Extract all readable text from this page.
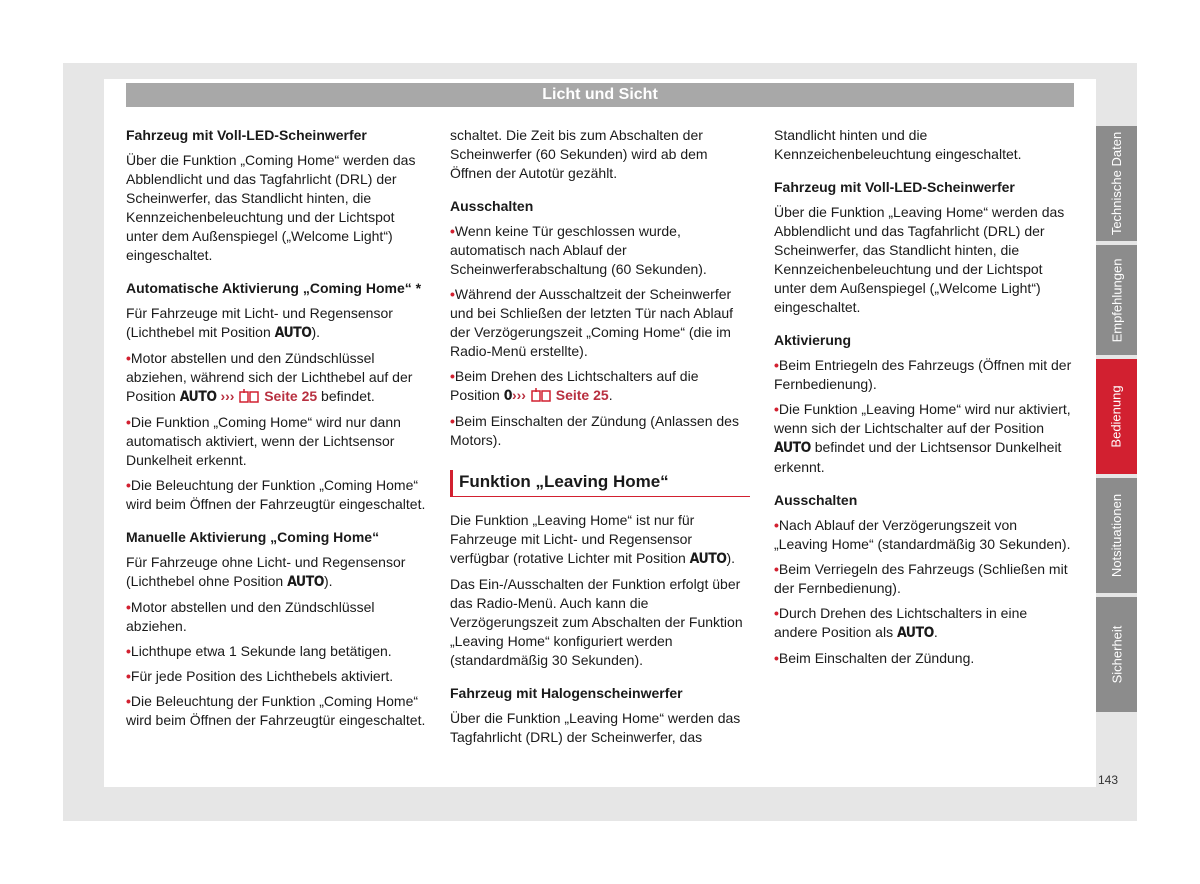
Licht und Sicht
Fahrzeug mit Voll-LED-Scheinwerfer

Über die Funktion „Coming Home“ werden das Abblendlicht und das Tagfahrlicht (DRL) der Scheinwerfer, das Standlicht hinten, die Kennzeichenbeleuchtung und der Lichtspot unter dem Außenspiegel („Welcome Light“) eingeschaltet.

Automatische Aktivierung „Coming Home“ *

Für Fahrzeuge mit Licht- und Regensensor (Lichthebel mit Position AUTO).

• Motor abstellen und den Zündschlüssel abziehen, während sich der Lichthebel auf der Position AUTO ››› Seite 25 befindet.

• Die Funktion „Coming Home“ wird nur dann automatisch aktiviert, wenn der Lichtsensor Dunkelheit erkennt.

• Die Beleuchtung der Funktion „Coming Home“ wird beim Öffnen der Fahrzeugtür eingeschaltet.

Manuelle Aktivierung „Coming Home“

Für Fahrzeuge ohne Licht- und Regensensor (Lichthebel ohne Position AUTO).

• Motor abstellen und den Zündschlüssel abziehen.

• Lichthupe etwa 1 Sekunde lang betätigen.

• Für jede Position des Lichthebels aktiviert.

• Die Beleuchtung der Funktion „Coming Home“ wird beim Öffnen der Fahrzeugtür eingeschaltet.

schaltet. Die Zeit bis zum Abschalten der Scheinwerfer (60 Sekunden) wird ab dem Öffnen der Autotür gezählt.

Ausschalten

• Wenn keine Tür geschlossen wurde, automatisch nach Ablauf der Scheinwerferabschaltung (60 Sekunden).

• Während der Ausschaltzeit der Scheinwerfer und bei Schließen der letzten Tür nach Ablauf der Verzögerungszeit „Coming Home“ (die im Radio-Menü erstellte).

• Beim Drehen des Lichtschalters auf die Position 0››› Seite 25.

• Beim Einschalten der Zündung (Anlassen des Motors).

Funktion „Leaving Home“

Die Funktion „Leaving Home“ ist nur für Fahrzeuge mit Licht- und Regensensor verfügbar (rotative Lichter mit Position AUTO).

Das Ein-/Ausschalten der Funktion erfolgt über das Radio-Menü. Auch kann die Verzögerungszeit zum Abschalten der Funktion „Leaving Home“ konfiguriert werden (standardmäßig 30 Sekunden).

Fahrzeug mit Halogenscheinwerfer

Über die Funktion „Leaving Home“ werden das Tagfahrlicht (DRL) der Scheinwerfer, das

Standlicht hinten und die Kennzeichenbeleuchtung eingeschaltet.

Fahrzeug mit Voll-LED-Scheinwerfer

Über die Funktion „Leaving Home“ werden das Abblendlicht und das Tagfahrlicht (DRL) der Scheinwerfer, das Standlicht hinten, die Kennzeichenbeleuchtung und der Lichtspot unter dem Außenspiegel („Welcome Light“) eingeschaltet.

Aktivierung

• Beim Entriegeln des Fahrzeugs (Öffnen mit der Fernbedienung).

• Die Funktion „Leaving Home“ wird nur aktiviert, wenn sich der Lichtschalter auf der Position AUTO befindet und der Lichtsensor Dunkelheit erkennt.

Ausschalten

• Nach Ablauf der Verzögerungszeit von „Leaving Home“ (standardmäßig 30 Sekunden).

• Beim Verriegeln des Fahrzeugs (Schließen mit der Fernbedienung).

• Durch Drehen des Lichtschalters in eine andere Position als AUTO.

• Beim Einschalten der Zündung.

Technische Daten
Empfehlungen
Bedienung
Notsituationen
Sicherheit
143
